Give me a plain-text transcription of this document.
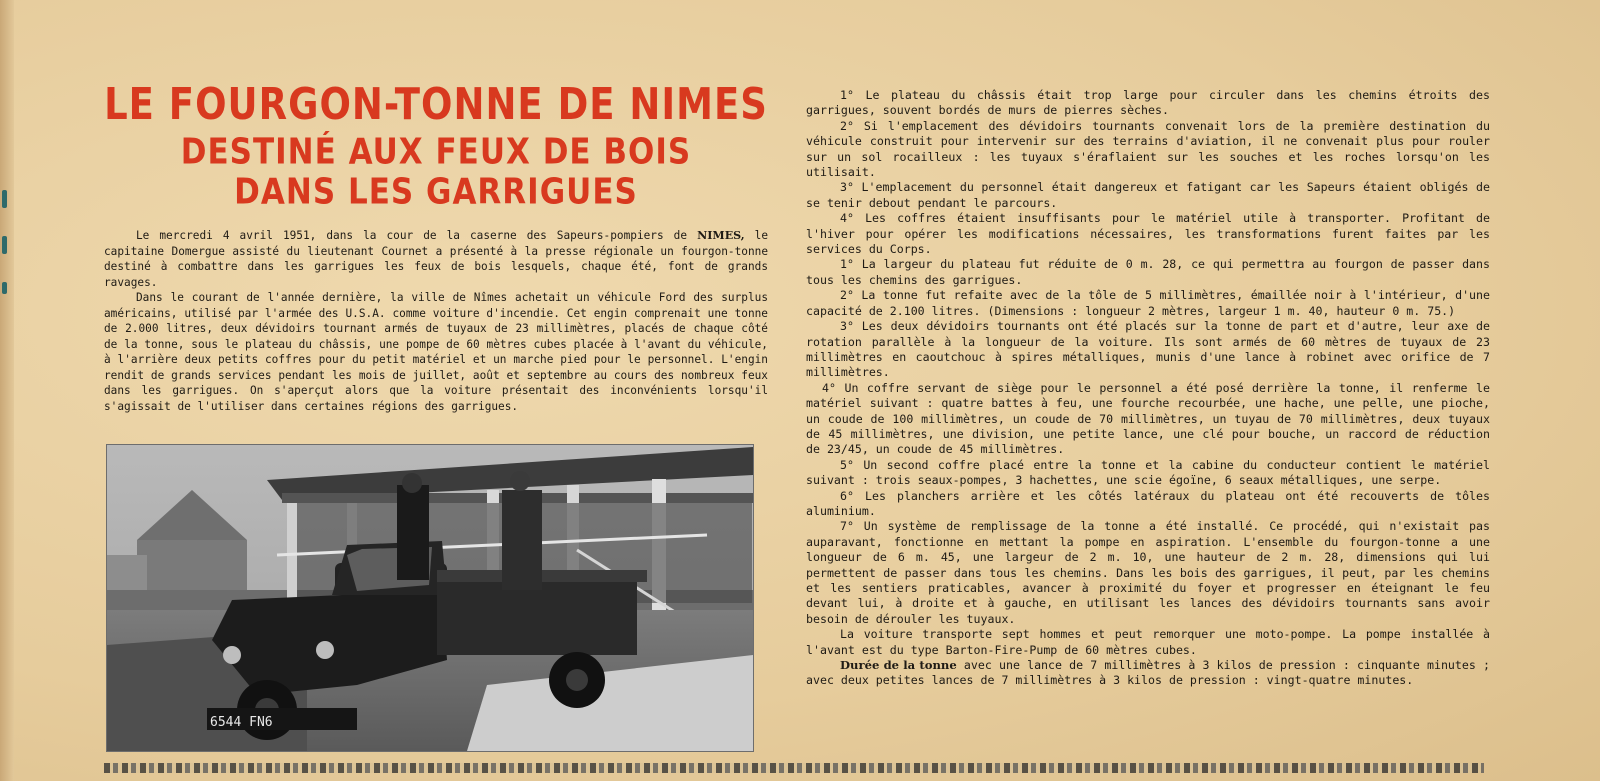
LE FOURGON-TONNE DE NIMES
DESTINÉ AUX FEUX DE BOIS
DANS LES GARRIGUES

Le mercredi 4 avril 1951, dans la cour de la caserne des Sapeurs-pompiers de NIMES, le capitaine Domergue assisté du lieutenant Cournet a présenté à la presse régionale un fourgon-tonne destiné à combattre dans les garrigues les feux de bois lesquels, chaque été, font de grands ravages.

Dans le courant de l'année dernière, la ville de Nîmes achetait un véhicule Ford des surplus américains, utilisé par l'armée des U.S.A. comme voiture d'incendie. Cet engin comprenait une tonne de 2.000 litres, deux dévidoirs tournant armés de tuyaux de 23 millimètres, placés de chaque côté de la tonne, sous le plateau du châssis, une pompe de 60 mètres cubes placée à l'avant du véhicule, à l'arrière deux petits coffres pour du petit matériel et un marche pied pour le personnel. L'engin rendit de grands services pendant les mois de juillet, août et septembre au cours des nombreux feux dans les garrigues. On s'aperçut alors que la voiture présentait des inconvénients lorsqu'il s'agissait de l'utiliser dans certaines régions des garrigues.

6544 FN6

1° Le plateau du châssis était trop large pour circuler dans les chemins étroits des garrigues, souvent bordés de murs de pierres sèches.

2° Si l'emplacement des dévidoirs tournants convenait lors de la première destination du véhicule construit pour intervenir sur des terrains d'aviation, il ne convenait plus pour rouler sur un sol rocailleux : les tuyaux s'éraflaient sur les souches et les roches lorsqu'on les utilisait.

3° L'emplacement du personnel était dangereux et fatigant car les Sapeurs étaient obligés de se tenir debout pendant le parcours.

4° Les coffres étaient insuffisants pour le matériel utile à transporter. Profitant de l'hiver pour opérer les modifications nécessaires, les transformations furent faites par les services du Corps.

1° La largeur du plateau fut réduite de 0 m. 28, ce qui permettra au fourgon de passer dans tous les chemins des garrigues.

2° La tonne fut refaite avec de la tôle de 5 millimètres, émaillée noir à l'intérieur, d'une capacité de 2.100 litres. (Dimensions : longueur 2 mètres, largeur 1 m. 40, hauteur 0 m. 75.)

3° Les deux dévidoirs tournants ont été placés sur la tonne de part et d'autre, leur axe de rotation parallèle à la longueur de la voiture. Ils sont armés de 60 mètres de tuyaux de 23 millimètres en caoutchouc à spires métalliques, munis d'une lance à robinet avec orifice de 7 millimètres.

4° Un coffre servant de siège pour le personnel a été posé derrière la tonne, il renferme le matériel suivant : quatre battes à feu, une fourche recourbée, une hache, une pelle, une pioche, un coude de 100 millimètres, un coude de 70 millimètres, un tuyau de 70 millimètres, deux tuyaux de 45 millimètres, une division, une petite lance, une clé pour bouche, un raccord de réduction de 23/45, un coude de 45 millimètres.

5° Un second coffre placé entre la tonne et la cabine du conducteur contient le matériel suivant : trois seaux-pompes, 3 hachettes, une scie égoïne, 6 seaux métalliques, une serpe.

6° Les planchers arrière et les côtés latéraux du plateau ont été recouverts de tôles aluminium.

7° Un système de remplissage de la tonne a été installé. Ce procédé, qui n'existait pas auparavant, fonctionne en mettant la pompe en aspiration. L'ensemble du fourgon-tonne a une longueur de 6 m. 45, une largeur de 2 m. 10, une hauteur de 2 m. 28, dimensions qui lui permettent de passer dans tous les chemins. Dans les bois des garrigues, il peut, par les chemins et les sentiers praticables, avancer à proximité du foyer et progresser en éteignant le feu devant lui, à droite et à gauche, en utilisant les lances des dévidoirs tournants sans avoir besoin de dérouler les tuyaux.

La voiture transporte sept hommes et peut remorquer une moto-pompe. La pompe installée à l'avant est du type Barton-Fire-Pump de 60 mètres cubes.

Durée de la tonne avec une lance de 7 millimètres à 3 kilos de pression : cinquante minutes ; avec deux petites lances de 7 millimètres à 3 kilos de pression : vingt-quatre minutes.
